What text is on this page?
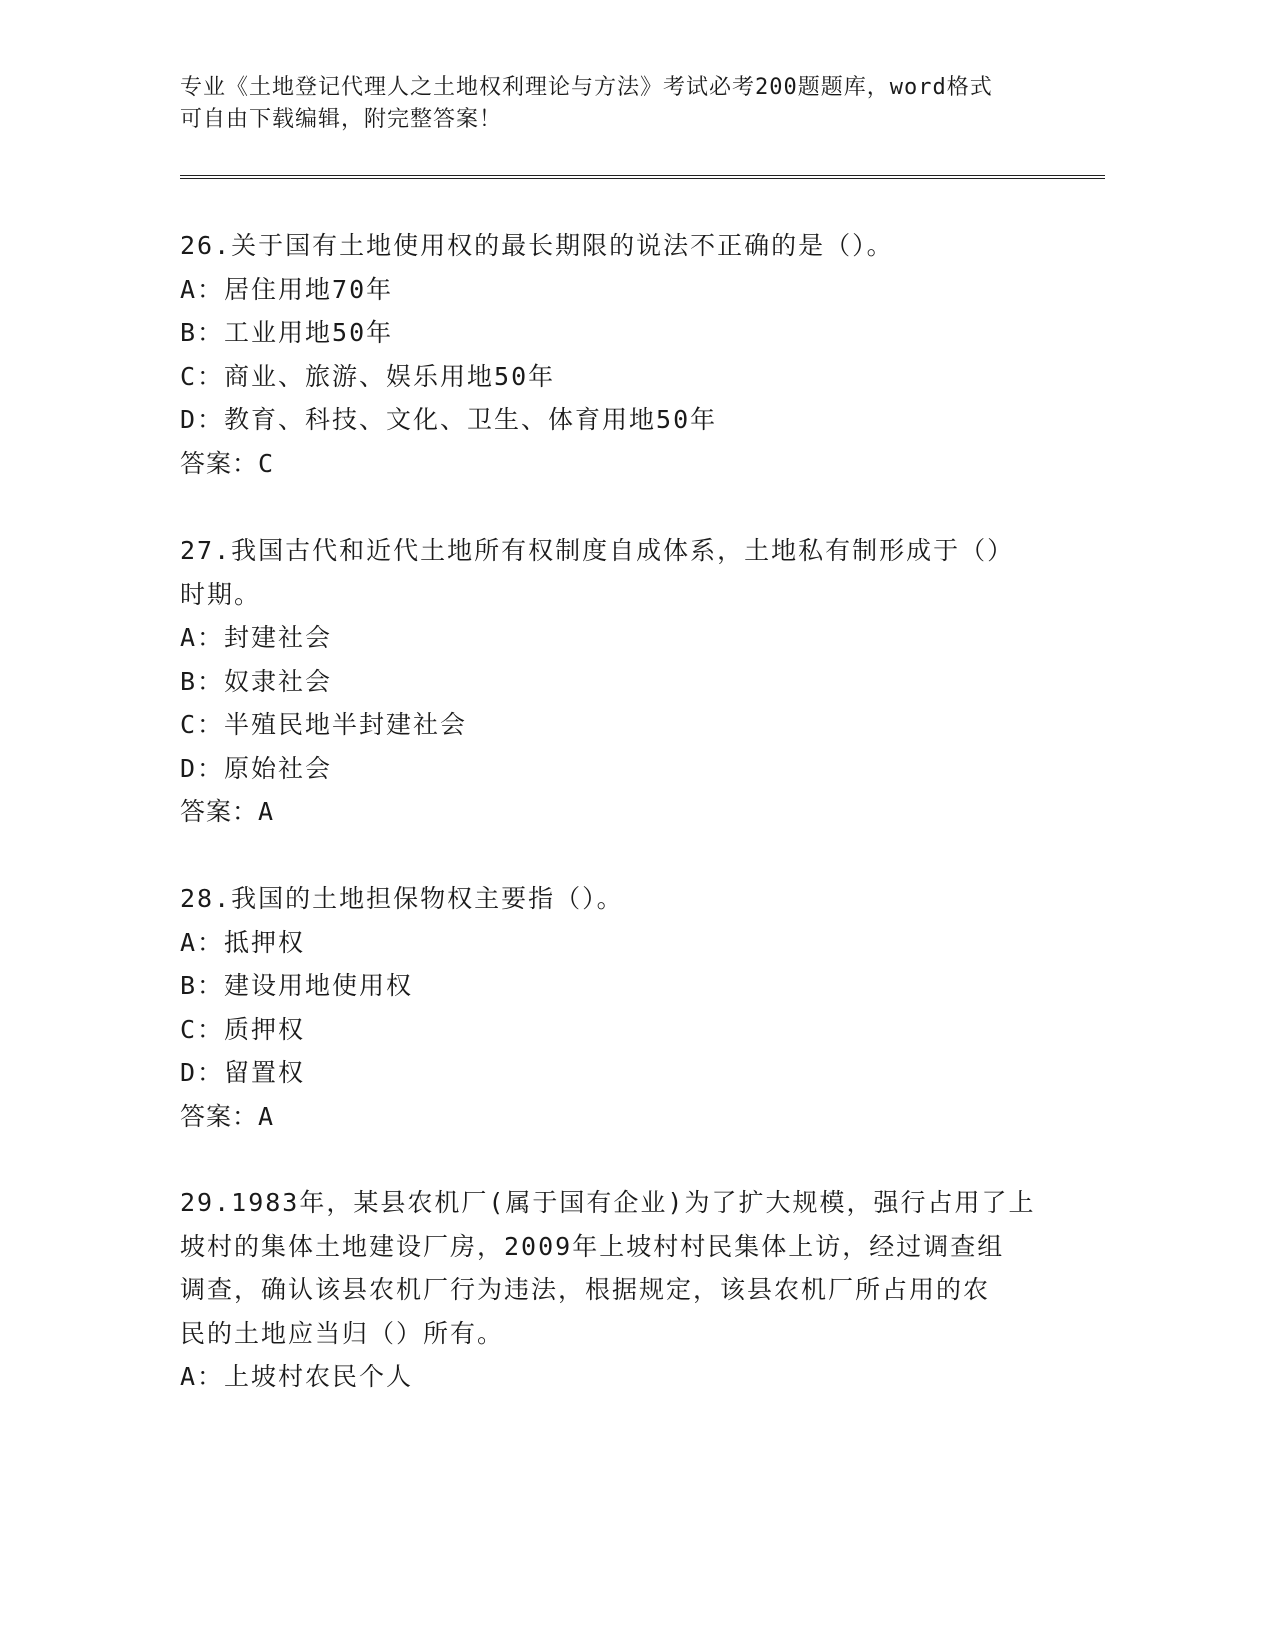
专业《土地登记代理人之土地权利理论与方法》考试必考200题题库，word格式

可自由下载编辑，附完整答案！

26.关于国有土地使用权的最长期限的说法不正确的是（）。

A：居住用地70年

B：工业用地50年

C：商业、旅游、娱乐用地50年

D：教育、科技、文化、卫生、体育用地50年

答案：C

27.我国古代和近代土地所有权制度自成体系，土地私有制形成于（）

时期。

A：封建社会

B：奴隶社会

C：半殖民地半封建社会

D：原始社会

答案：A

28.我国的土地担保物权主要指（）。

A：抵押权

B：建设用地使用权

C：质押权

D：留置权

答案：A

29.1983年，某县农机厂(属于国有企业)为了扩大规模，强行占用了上

坡村的集体土地建设厂房，2009年上坡村村民集体上访，经过调查组

调查，确认该县农机厂行为违法，根据规定，该县农机厂所占用的农

民的土地应当归（）所有。

A：上坡村农民个人
